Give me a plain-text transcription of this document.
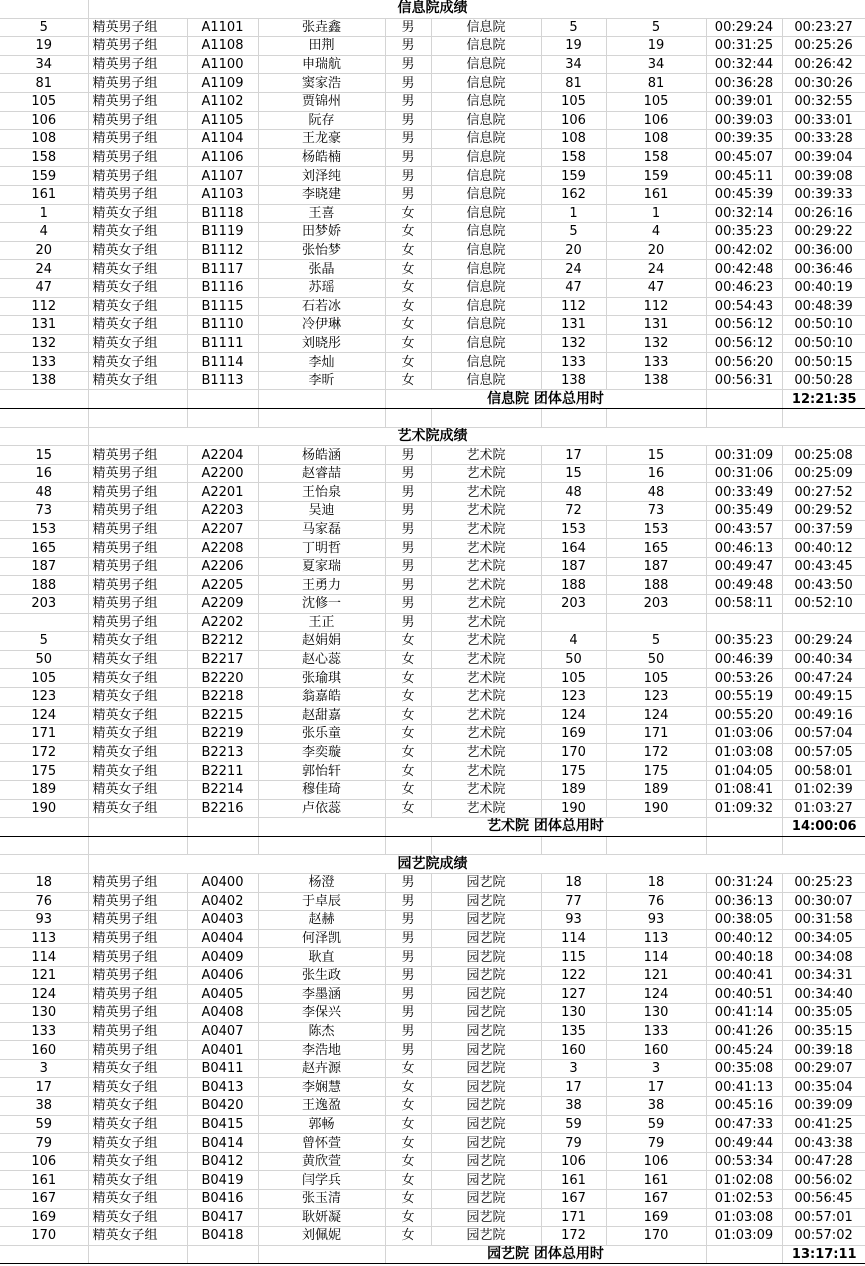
	信息院成绩								
5	精英男子组	A1101	张垚鑫	男	信息院	5	5	00:29:24	00:23:27
19	精英男子组	A1108	田荆	男	信息院	19	19	00:31:25	00:25:26
34	精英男子组	A1100	申瑞航	男	信息院	34	34	00:32:44	00:26:42
81	精英男子组	A1109	窦家浩	男	信息院	81	81	00:36:28	00:30:26
105	精英男子组	A1102	贾锦州	男	信息院	105	105	00:39:01	00:32:55
106	精英男子组	A1105	阮存	男	信息院	106	106	00:39:03	00:33:01
108	精英男子组	A1104	王龙豪	男	信息院	108	108	00:39:35	00:33:28
158	精英男子组	A1106	杨皓楠	男	信息院	158	158	00:45:07	00:39:04
159	精英男子组	A1107	刘泽纯	男	信息院	159	159	00:45:11	00:39:08
161	精英男子组	A1103	李晓建	男	信息院	162	161	00:45:39	00:39:33
1	精英女子组	B1118	王喜	女	信息院	1	1	00:32:14	00:26:16
4	精英女子组	B1119	田梦娇	女	信息院	5	4	00:35:23	00:29:22
20	精英女子组	B1112	张怡梦	女	信息院	20	20	00:42:02	00:36:00
24	精英女子组	B1117	张晶	女	信息院	24	24	00:42:48	00:36:46
47	精英女子组	B1116	苏瑶	女	信息院	47	47	00:46:23	00:40:19
112	精英女子组	B1115	石若冰	女	信息院	112	112	00:54:43	00:48:39
131	精英女子组	B1110	冷伊琳	女	信息院	131	131	00:56:12	00:50:10
132	精英女子组	B1111	刘晓彤	女	信息院	132	132	00:56:12	00:50:10
133	精英女子组	B1114	李灿	女	信息院	133	133	00:56:20	00:50:15
138	精英女子组	B1113	李昕	女	信息院	138	138	00:56:31	00:50:28
				信息院 团体总用时					12:21:35

	艺术院成绩								
15	精英男子组	A2204	杨皓涵	男	艺术院	17	15	00:31:09	00:25:08
16	精英男子组	A2200	赵睿喆	男	艺术院	15	16	00:31:06	00:25:09
48	精英男子组	A2201	王怡泉	男	艺术院	48	48	00:33:49	00:27:52
73	精英男子组	A2203	吴迪	男	艺术院	72	73	00:35:49	00:29:52
153	精英男子组	A2207	马家磊	男	艺术院	153	153	00:43:57	00:37:59
165	精英男子组	A2208	丁明哲	男	艺术院	164	165	00:46:13	00:40:12
187	精英男子组	A2206	夏家瑞	男	艺术院	187	187	00:49:47	00:43:45
188	精英男子组	A2205	王勇力	男	艺术院	188	188	00:49:48	00:43:50
203	精英男子组	A2209	沈修一	男	艺术院	203	203	00:58:11	00:52:10
	精英男子组	A2202	王正	男	艺术院				
5	精英女子组	B2212	赵娟娟	女	艺术院	4	5	00:35:23	00:29:24
50	精英女子组	B2217	赵心蕊	女	艺术院	50	50	00:46:39	00:40:34
105	精英女子组	B2220	张瑜琪	女	艺术院	105	105	00:53:26	00:47:24
123	精英女子组	B2218	翁嘉皓	女	艺术院	123	123	00:55:19	00:49:15
124	精英女子组	B2215	赵甜嘉	女	艺术院	124	124	00:55:20	00:49:16
171	精英女子组	B2219	张乐童	女	艺术院	169	171	01:03:06	00:57:04
172	精英女子组	B2213	李奕璇	女	艺术院	170	172	01:03:08	00:57:05
175	精英女子组	B2211	郭怡轩	女	艺术院	175	175	01:04:05	00:58:01
189	精英女子组	B2214	穆佳琦	女	艺术院	189	189	01:08:41	01:02:39
190	精英女子组	B2216	卢依蕊	女	艺术院	190	190	01:09:32	01:03:27
				艺术院 团体总用时					14:00:06

	园艺院成绩								
18	精英男子组	A0400	杨澄	男	园艺院	18	18	00:31:24	00:25:23
76	精英男子组	A0402	于卓辰	男	园艺院	77	76	00:36:13	00:30:07
93	精英男子组	A0403	赵赫	男	园艺院	93	93	00:38:05	00:31:58
113	精英男子组	A0404	何泽凯	男	园艺院	114	113	00:40:12	00:34:05
114	精英男子组	A0409	耿直	男	园艺院	115	114	00:40:18	00:34:08
121	精英男子组	A0406	张生政	男	园艺院	122	121	00:40:41	00:34:31
124	精英男子组	A0405	李墨涵	男	园艺院	127	124	00:40:51	00:34:40
130	精英男子组	A0408	李保兴	男	园艺院	130	130	00:41:14	00:35:05
133	精英男子组	A0407	陈杰	男	园艺院	135	133	00:41:26	00:35:15
160	精英男子组	A0401	李浩地	男	园艺院	160	160	00:45:24	00:39:18
3	精英女子组	B0411	赵卉源	女	园艺院	3	3	00:35:08	00:29:07
17	精英女子组	B0413	李娴慧	女	园艺院	17	17	00:41:13	00:35:04
38	精英女子组	B0420	王逸盈	女	园艺院	38	38	00:45:16	00:39:09
59	精英女子组	B0415	郭畅	女	园艺院	59	59	00:47:33	00:41:25
79	精英女子组	B0414	曾怀萱	女	园艺院	79	79	00:49:44	00:43:38
106	精英女子组	B0412	黄欣萱	女	园艺院	106	106	00:53:34	00:47:28
161	精英女子组	B0419	闫学兵	女	园艺院	161	161	01:02:08	00:56:02
167	精英女子组	B0416	张玉清	女	园艺院	167	167	01:02:53	00:56:45
169	精英女子组	B0417	耿妍凝	女	园艺院	171	169	01:03:08	00:57:01
170	精英女子组	B0418	刘佩妮	女	园艺院	172	170	01:03:09	00:57:02
				园艺院 团体总用时					13:17:11
